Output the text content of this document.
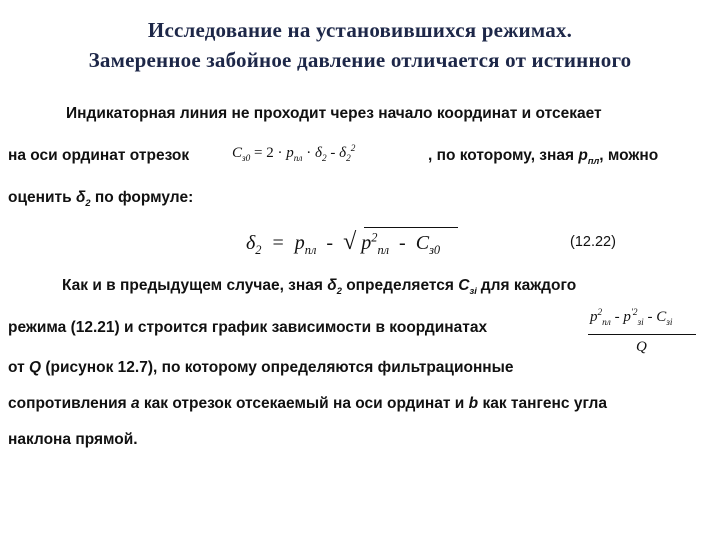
Исследование на установившихся режимах.
Замеренное забойное давление отличается от истинного
Индикаторная линия не проходит через начало координат и отсекает
на оси ординат отрезок	$C_{з0} = 2 \cdot p_{пл} \cdot \delta_2 - \delta_2^2$	, по которому, зная $p_{пл}$, можно
оценить $\delta_2$ по формуле:
$\delta_2 = p_{пл}$ - √ $p^2_{пл} - C_{з0}$	(12.22)
Как и в предыдущем случае, зная $\delta_2$ определяется $C_{зi}$ для каждого
режима (12.21) и строится график зависимости в координатах
$p^2_{пл} - p^{'2}_{зi} - C_{зi}$
Q
от Q (рисунок 12.7), по которому определяются фильтрационные
сопротивления a как отрезок отсекаемый на оси ординат и b как тангенс угла
наклона прямой.
